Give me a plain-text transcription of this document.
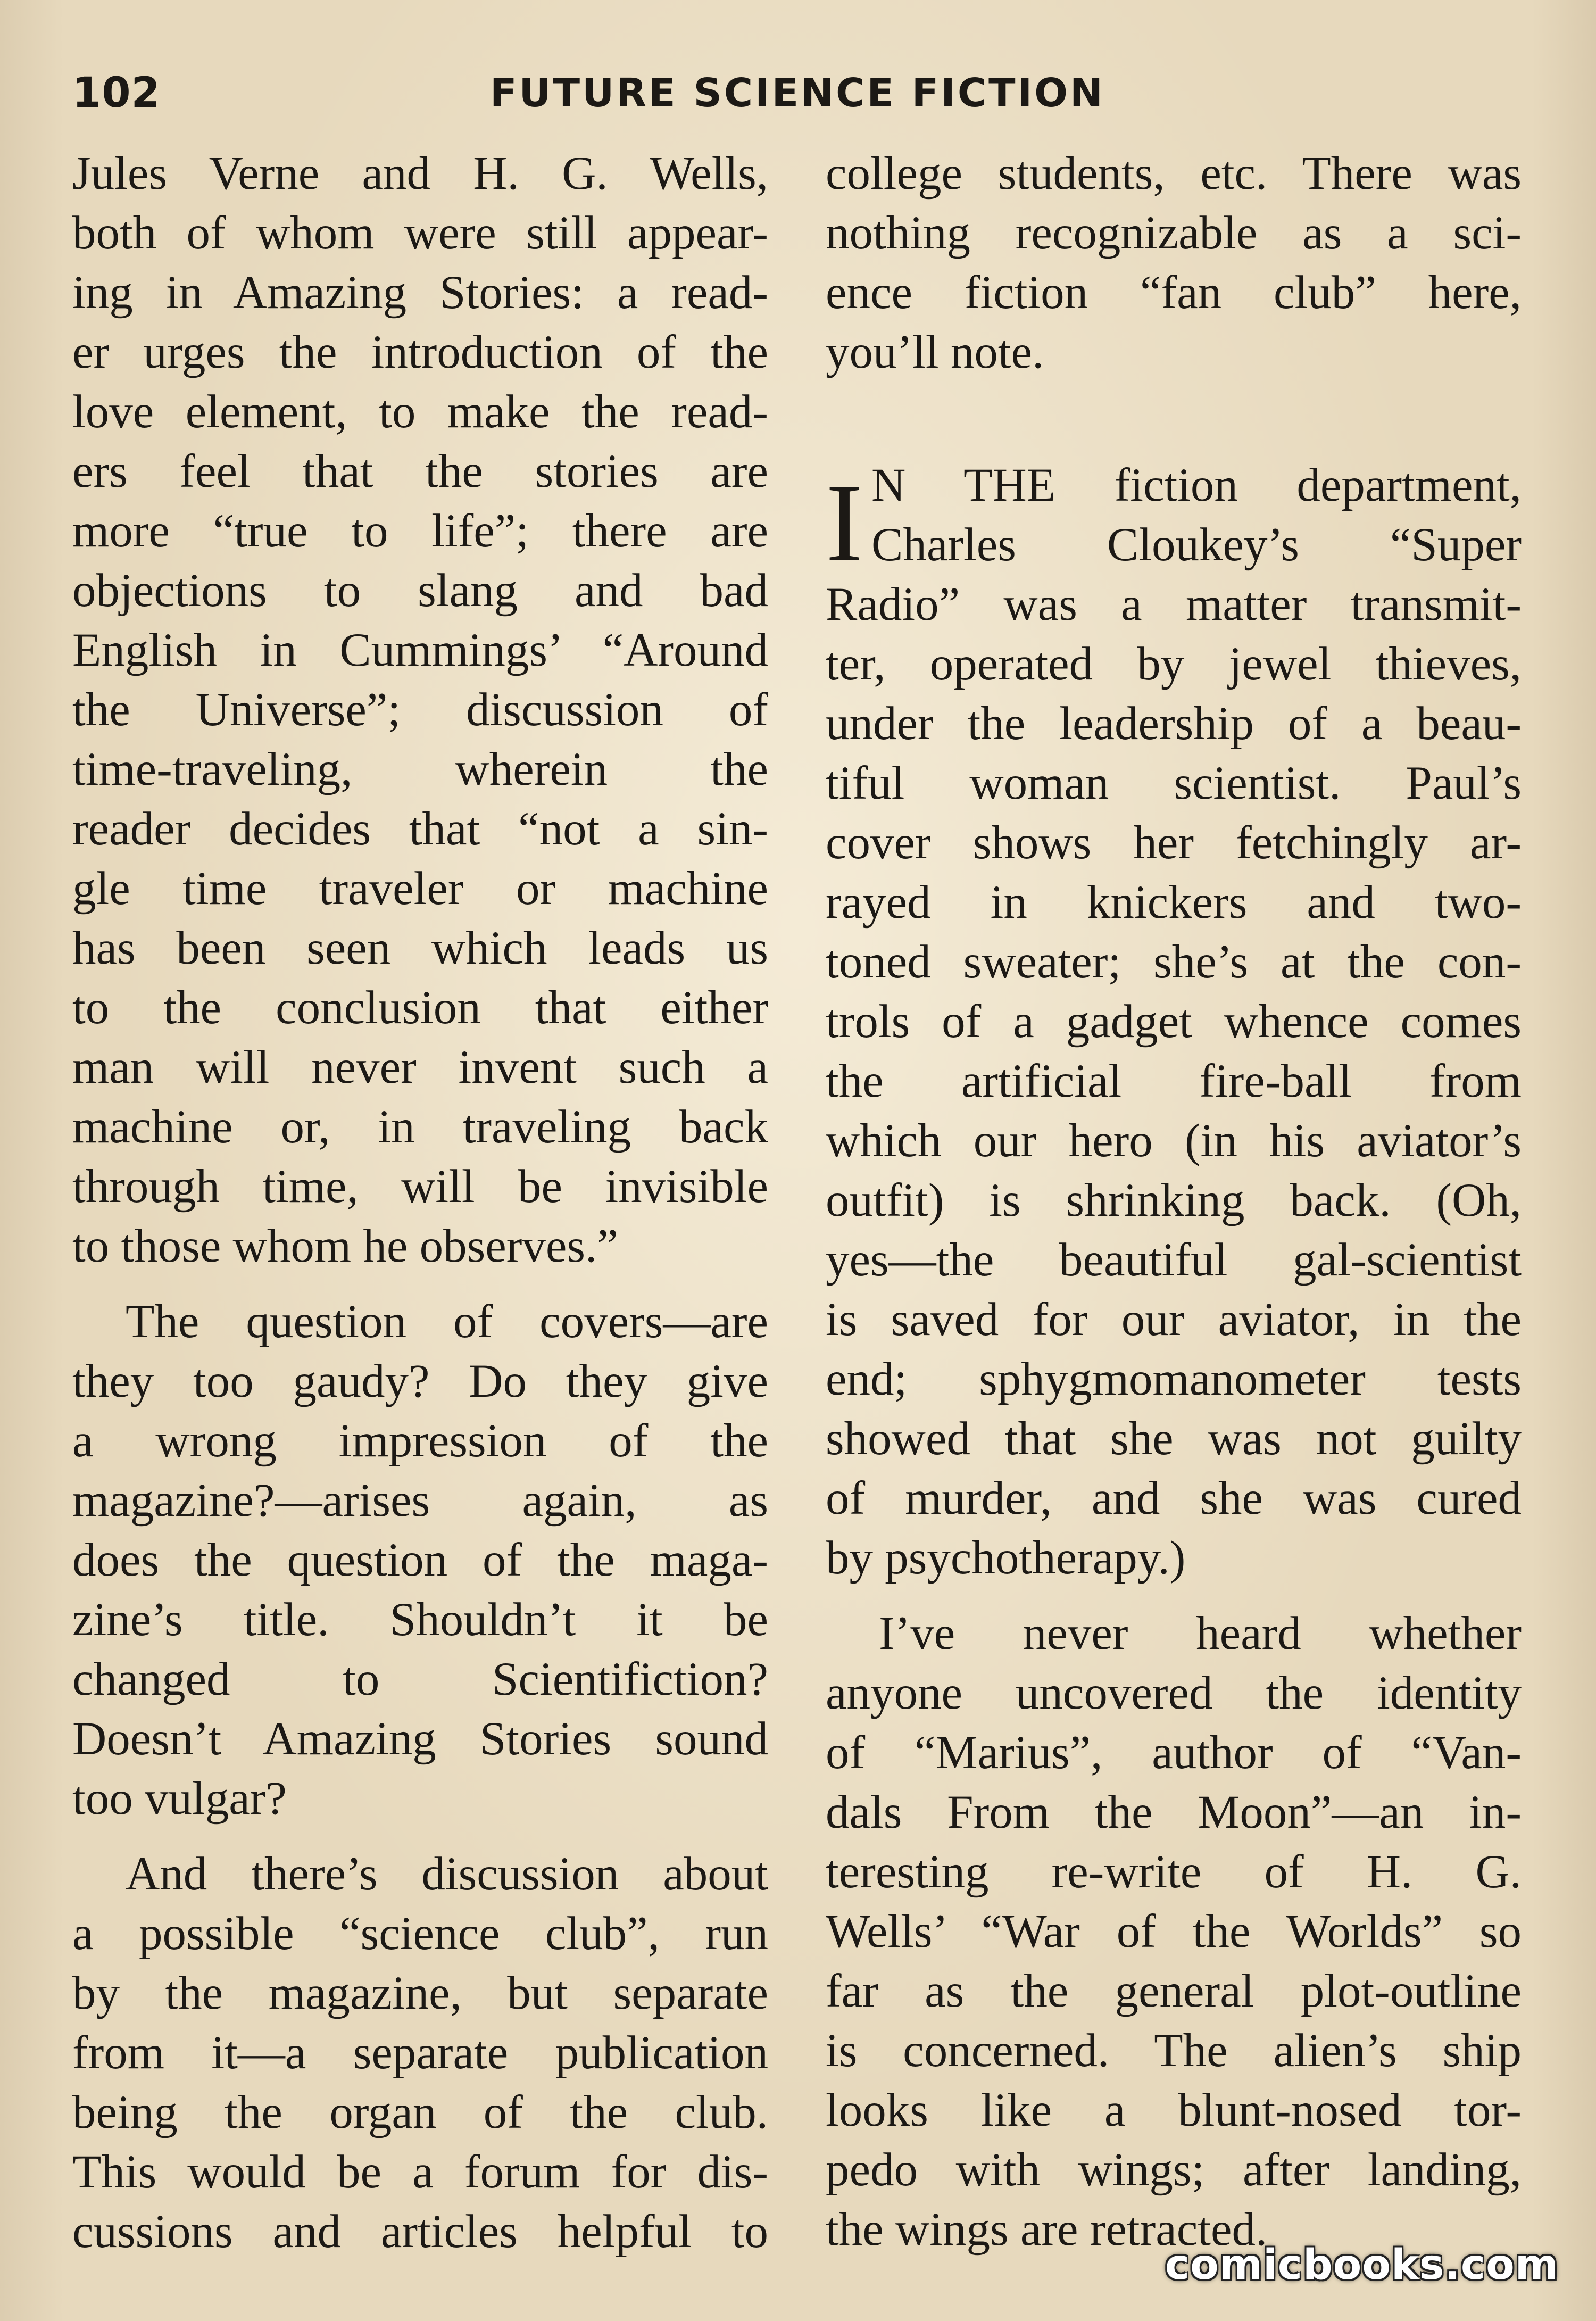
102	FUTURE SCIENCE FICTION
Jules Verne and H. G. Wells,
both of whom were still appear-
ing in Amazing Stories: a read-
er urges the introduction of the
love element, to make the read-
ers feel that the stories are
more “true to life”; there are
objections to slang and bad
English in Cummings’ “Around
the Universe”; discussion of
time-traveling, wherein the
reader decides that “not a sin-
gle time traveler or machine
has been seen which leads us
to the conclusion that either
man will never invent such a
machine or, in traveling back
through time, will be invisible
to those whom he observes.”
The question of covers—are
they too gaudy? Do they give
a wrong impression of the
magazine?—arises again, as
does the question of the maga-
zine’s title. Shouldn’t it be
changed to Scientifiction?
Doesn’t Amazing Stories sound
too vulgar?
And there’s discussion about
a possible “science club”, run
by the magazine, but separate
from it—a separate publication
being the organ of the club.
This would be a forum for dis-
cussions and articles helpful to
college students, etc. There was
nothing recognizable as a sci-
ence fiction “fan club” here,
you’ll note.
N THE fiction department,
Charles Cloukey’s “Super
Radio” was a matter transmit-
ter, operated by jewel thieves,
under the leadership of a beau-
tiful woman scientist. Paul’s
cover shows her fetchingly ar-
rayed in knickers and two-
toned sweater; she’s at the con-
trols of a gadget whence comes
the artificial fire-ball from
which our hero (in his aviator’s
outfit) is shrinking back. (Oh,
yes—the beautiful gal-scientist
is saved for our aviator, in the
end; sphygmomanometer tests
showed that she was not guilty
of murder, and she was cured
by psychotherapy.)
I’ve never heard whether
anyone uncovered the identity
of “Marius”, author of “Van-
dals From the Moon”—an in-
teresting re-write of H. G.
Wells’ “War of the Worlds” so
far as the general plot-outline
is concerned. The alien’s ship
looks like a blunt-nosed tor-
pedo with wings; after landing,
the wings are retracted.
I
comicbooks.com
